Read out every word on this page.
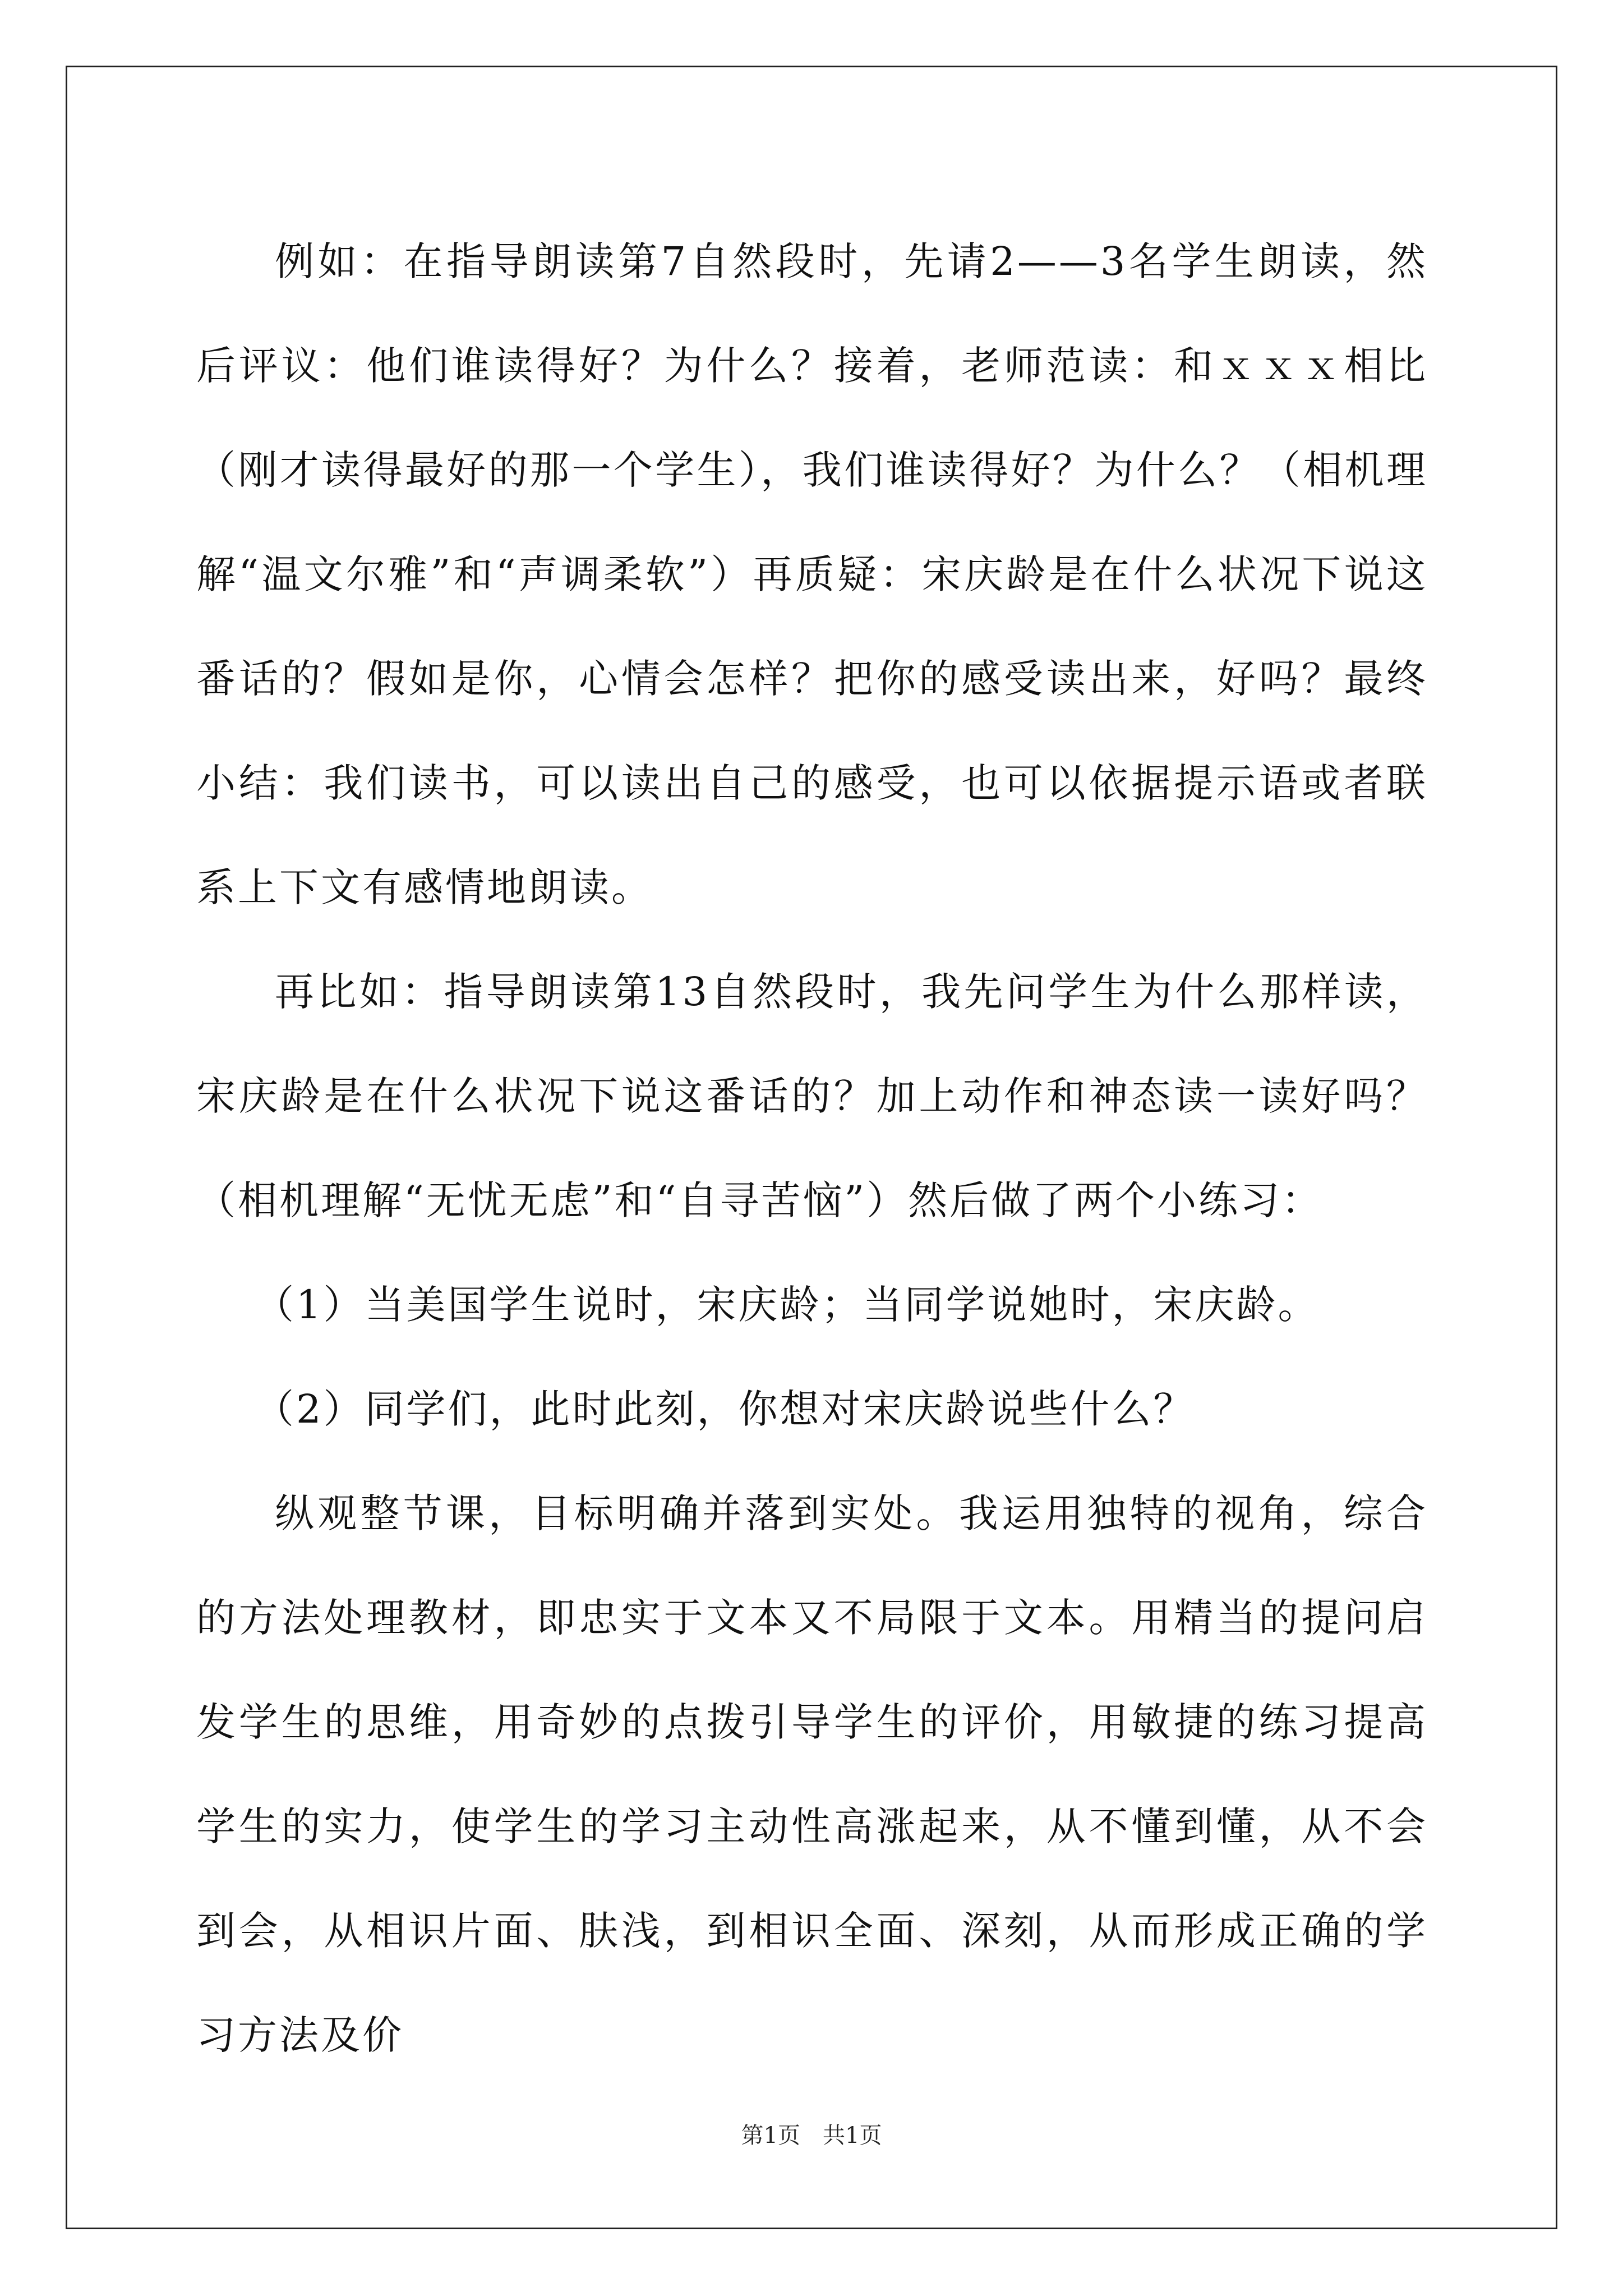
例如：在指导朗读第7自然段时，先请2——3名学生朗读，然后评议：他们谁读得好？为什么？接着，老师范读：和ｘｘｘ相比（刚才读得最好的那一个学生），我们谁读得好？为什么？（相机理解“温文尔雅”和“声调柔软”）再质疑：宋庆龄是在什么状况下说这番话的？假如是你，心情会怎样？把你的感受读出来，好吗？最终小结：我们读书，可以读出自己的感受，也可以依据提示语或者联系上下文有感情地朗读。

再比如：指导朗读第13自然段时，我先问学生为什么那样读，宋庆龄是在什么状况下说这番话的？加上动作和神态读一读好吗？（相机理解“无忧无虑”和“自寻苦恼”）然后做了两个小练习：

（1）当美国学生说时，宋庆龄；当同学说她时，宋庆龄。

（2）同学们，此时此刻，你想对宋庆龄说些什么？

纵观整节课，目标明确并落到实处。我运用独特的视角，综合的方法处理教材，即忠实于文本又不局限于文本。用精当的提问启发学生的思维，用奇妙的点拨引导学生的评价，用敏捷的练习提高学生的实力，使学生的学习主动性高涨起来，从不懂到懂，从不会到会，从相识片面、肤浅，到相识全面、深刻，从而形成正确的学习方法及价

第1页　共1页
